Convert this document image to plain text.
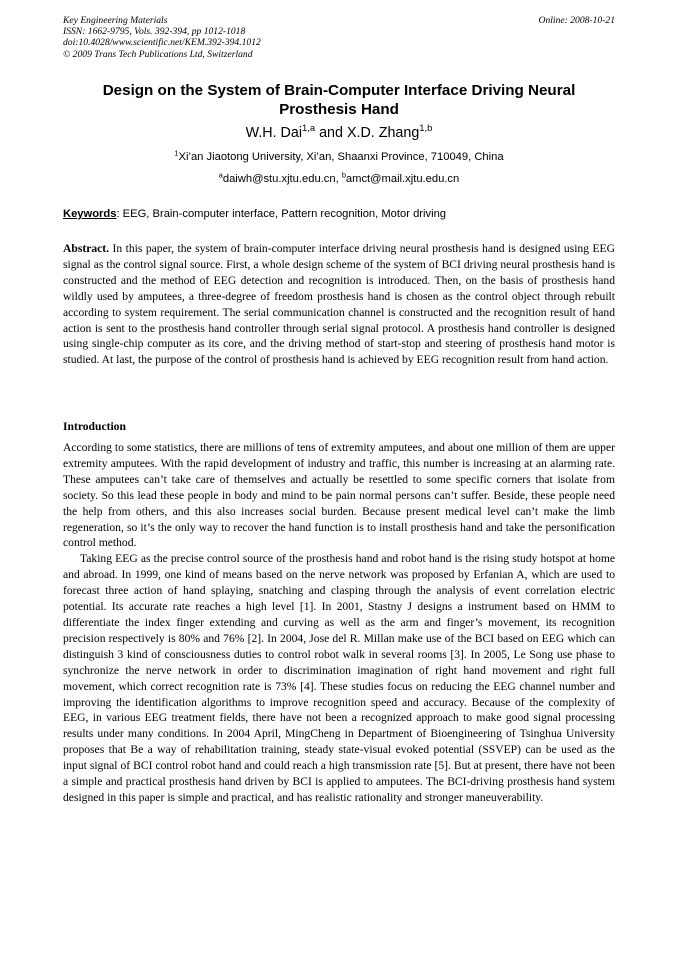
Key Engineering Materials
ISSN: 1662-9795, Vols. 392-394, pp 1012-1018
doi:10.4028/www.scientific.net/KEM.392-394.1012
© 2009 Trans Tech Publications Ltd, Switzerland
Online: 2008-10-21
Design on the System of Brain-Computer Interface Driving Neural Prosthesis Hand
W.H. Dai$^{1,a}$ and X.D. Zhang$^{1,b}$
$^1$Xi’an Jiaotong University, Xi’an, Shaanxi Province, 710049, China
$^a$daiwh@stu.xjtu.edu.cn, $^b$amct@mail.xjtu.edu.cn
Keywords: EEG, Brain-computer interface, Pattern recognition, Motor driving

Abstract. In this paper, the system of brain-computer interface driving neural prosthesis hand is designed using EEG signal as the control signal source. First, a whole design scheme of the system of BCI driving neural prosthesis hand is constructed and the method of EEG detection and recognition is introduced. Then, on the basis of prosthesis hand wildly used by amputees, a three-degree of freedom prosthesis hand is chosen as the control object through rebuilt according to system requirement. The serial communication channel is constructed and the recognition result of hand action is sent to the prosthesis hand controller through serial signal protocol. A prosthesis hand controller is designed using single-chip computer as its core, and the driving method of start-stop and steering of prosthesis hand motor is studied. At last, the purpose of the control of prosthesis hand is achieved by EEG recognition result from hand action.

Introduction

According to some statistics, there are millions of tens of extremity amputees, and about one million of them are upper extremity amputees. With the rapid development of industry and traffic, this number is increasing at an alarming rate. These amputees can’t take care of themselves and actually be resettled to some specific corners that isolate from society. So this lead these people in body and mind to be pain normal persons can’t suffer. Beside, these people need the help from others, and this also increases social burden. Because present medical level can’t make the limb regeneration, so it’s the only way to recover the hand function is to install prosthesis hand and take the personification control method.

Taking EEG as the precise control source of the prosthesis hand and robot hand is the rising study hotspot at home and abroad. In 1999, one kind of means based on the nerve network was proposed by Erfanian A, which are used to forecast three action of hand splaying, snatching and clasping through the analysis of event correlation electric potential. Its accurate rate reaches a high level [1]. In 2001, Stastny J designs a instrument based on HMM to differentiate the index finger extending and curving as well as the arm and finger’s movement, its recognition precision respectively is 80% and 76% [2]. In 2004, Jose del R. Millan make use of the BCI based on EEG which can distinguish 3 kind of consciousness duties to control robot walk in several rooms [3]. In 2005, Le Song use phase to synchronize the nerve network in order to discrimination imagination of right hand movement and right full movement, which correct recognition rate is 73% [4]. These studies focus on reducing the EEG channel number and improving the identification algorithms to improve recognition speed and accuracy. Because of the complexity of EEG, in various EEG treatment fields, there have not been a recognized approach to make good signal processing results under many conditions. In 2004 April, MingCheng in Department of Bioengineering of Tsinghua University proposes that Be a way of rehabilitation training, steady state-visual evoked potential (SSVEP) can be used as the input signal of BCI control robot hand and could reach a high transmission rate [5]. But at present, there have not been a simple and practical prosthesis hand driven by BCI is applied to amputees. The BCI-driving prosthesis hand system designed in this paper is simple and practical, and has realistic rationality and stronger maneuverability.
